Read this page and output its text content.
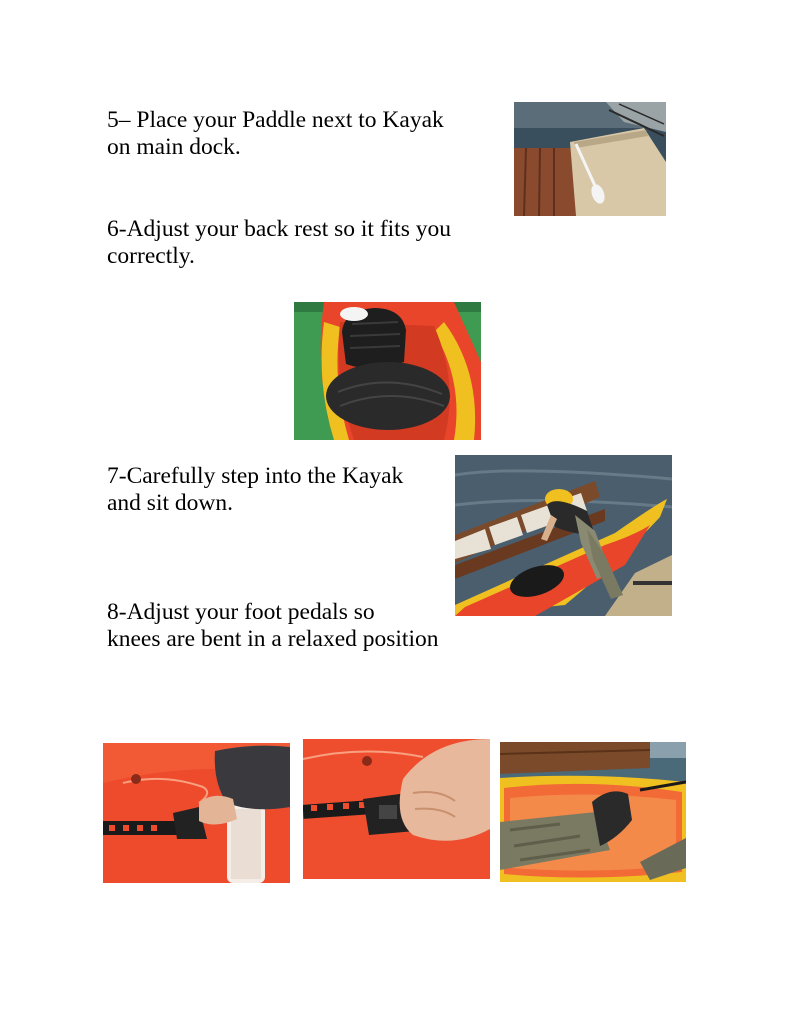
5– Place your Paddle next to Kayak
on main dock.
6-Adjust your back rest so it fits you
correctly.
7-Carefully step into the Kayak
and sit down.
8-Adjust your foot pedals so
knees are bent in a relaxed position
